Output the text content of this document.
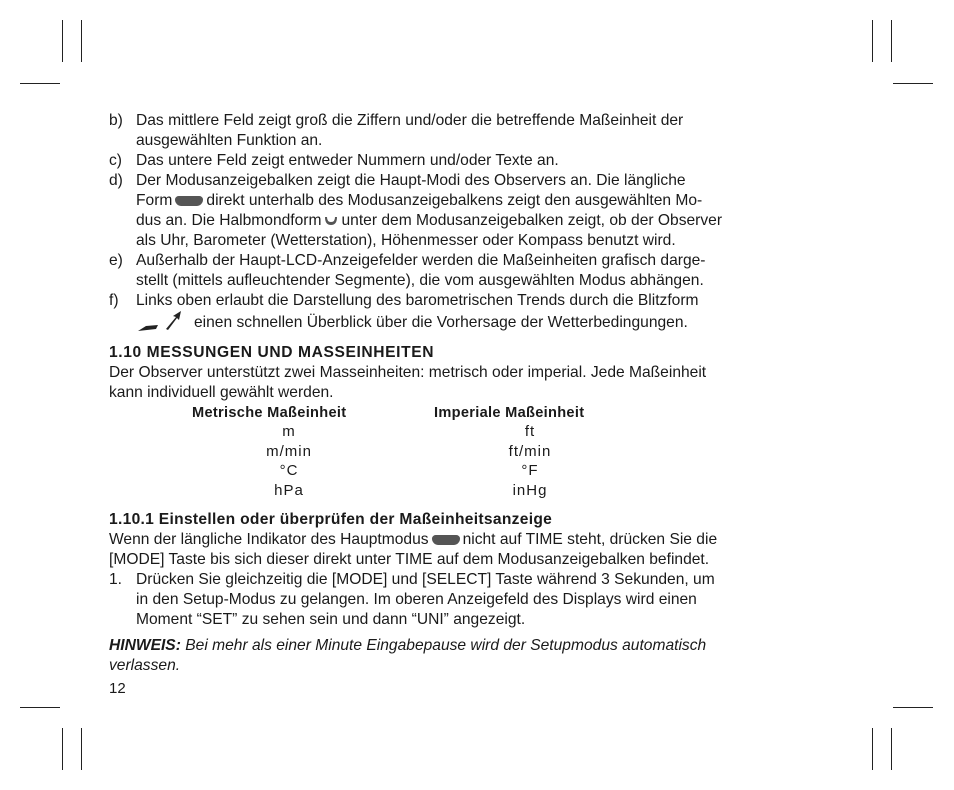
b) Das mittlere Feld zeigt groß die Ziffern und/oder die betreffende Maßeinheit der

ausgewählten Funktion an.

c) Das untere Feld zeigt entweder Nummern und/oder Texte an.

d) Der Modusanzeigebalken zeigt die Haupt-Modi des Observers an. Die längliche

Form direkt unterhalb des Modusanzeigebalkens zeigt den ausgewählten Mo-

dus an. Die Halbmondform unter dem Modusanzeigebalken zeigt, ob der Observer

als Uhr, Barometer (Wetterstation), Höhenmesser oder Kompass benutzt wird.

e) Außerhalb der Haupt-LCD-Anzeigefelder werden die Maßeinheiten grafisch darge-

stellt (mittels aufleuchtender Segmente), die vom ausgewählten Modus abhängen.

f) Links oben erlaubt die Darstellung des barometrischen Trends durch die Blitzform

einen schnellen Überblick über die Vorhersage der Wetterbedingungen.

1.10 MESSUNGEN UND MASSEINHEITEN

Der Observer unterstützt zwei Masseinheiten: metrisch oder imperial. Jede Maßeinheit

kann individuell gewählt werden.

Metrische Maßeinheit	Imperiale Maßeinheit
m
m/min
°C
hPa
ft
ft/min
°F
inHg
1.10.1 Einstellen oder überprüfen der Maßeinheitsanzeige

Wenn der längliche Indikator des Hauptmodus nicht auf TIME steht, drücken Sie die

[MODE] Taste bis sich dieser direkt unter TIME auf dem Modusanzeigebalken befindet.

1. Drücken Sie gleichzeitig die [MODE] und [SELECT] Taste während 3 Sekunden, um

in den Setup-Modus zu gelangen. Im oberen Anzeigefeld des Displays wird einen

Moment “SET” zu sehen sein und dann “UNI” angezeigt.

HINWEIS: Bei mehr als einer Minute Eingabepause wird der Setupmodus automatisch

verlassen.

12
